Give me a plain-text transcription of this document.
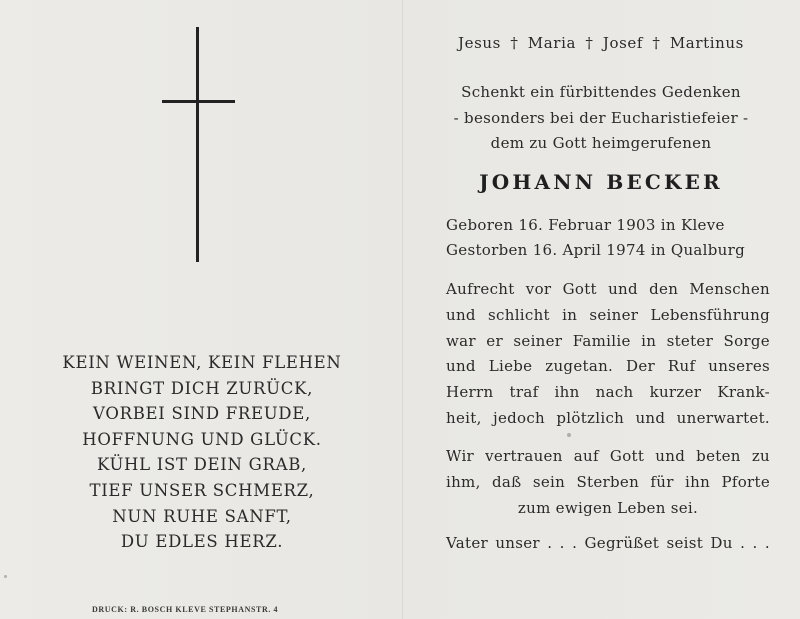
KEIN WEINEN, KEIN FLEHEN
BRINGT DICH ZURÜCK,
VORBEI SIND FREUDE,
HOFFNUNG UND GLÜCK.
KÜHL IST DEIN GRAB,
TIEF UNSER SCHMERZ,
NUN RUHE SANFT,
DU EDLES HERZ.
DRUCK: R. BOSCH KLEVE STEPHANSTR. 4
Jesus † Maria † Josef † Martinus
Schenkt ein fürbittendes Gedenken
- besonders bei der Eucharistiefeier -
dem zu Gott heimgerufenen
JOHANN BECKER
Geboren 16. Februar 1903 in Kleve
Gestorben 16. April 1974 in Qualburg
Aufrecht vor Gott und den Menschen
und schlicht in seiner Lebensführung
war er seiner Familie in steter Sorge
und Liebe zugetan. Der Ruf unseres
Herrn traf ihn nach kurzer Krank-
heit, jedoch plötzlich und unerwartet.
Wir vertrauen auf Gott und beten zu
ihm, daß sein Sterben für ihn Pforte
zum ewigen Leben sei.
Vater unser . . . Gegrüßet seist Du . . .
